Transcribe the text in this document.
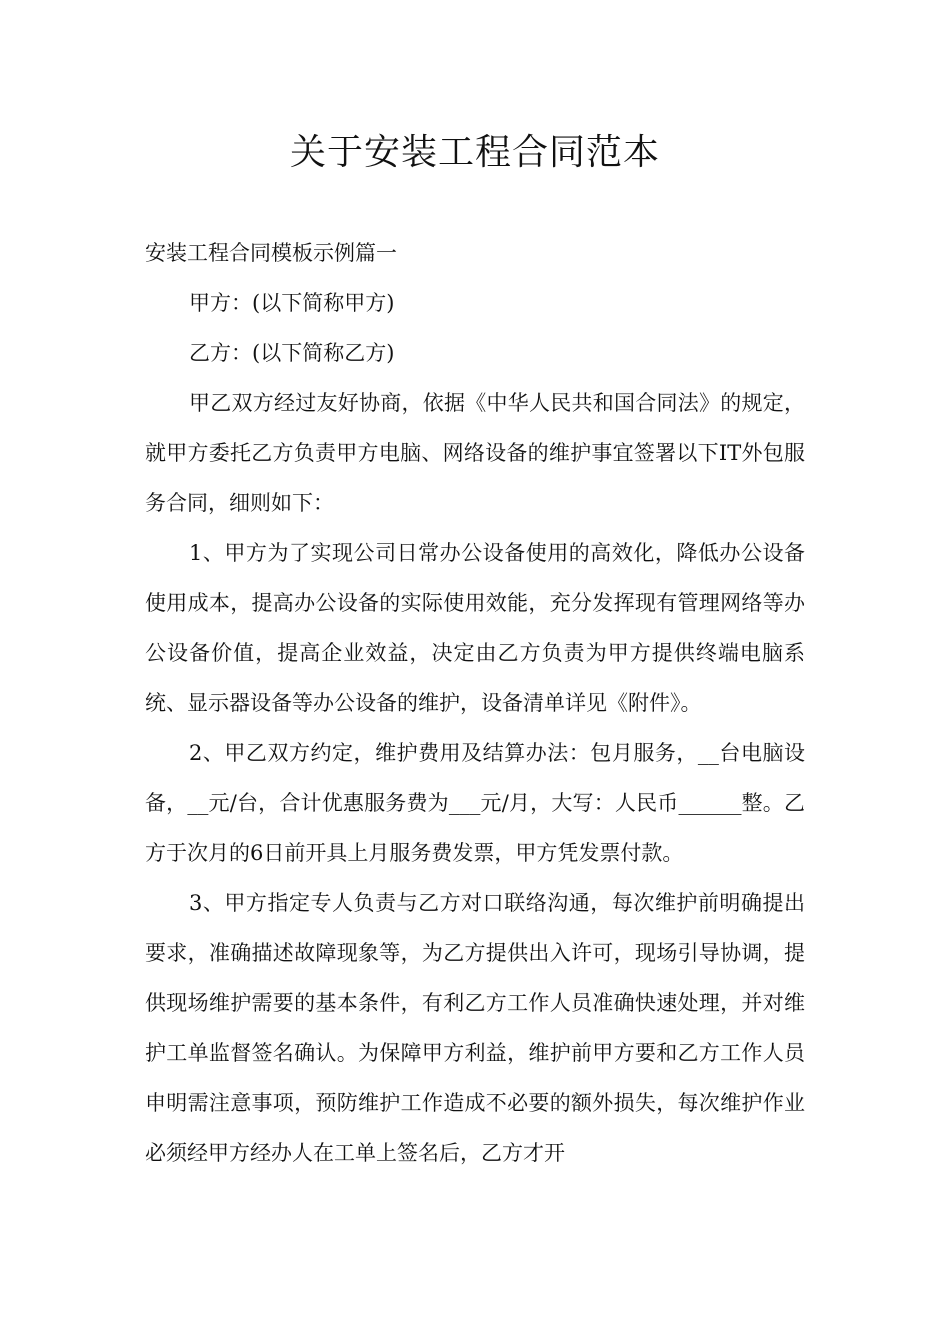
关于安装工程合同范本

安装工程合同模板示例篇一

甲方：(以下简称甲方)

乙方：(以下简称乙方)

甲乙双方经过友好协商，依据《中华人民共和国合同法》的规定，就甲方委托乙方负责甲方电脑、网络设备的维护事宜签署以下IT外包服务合同，细则如下：

1、甲方为了实现公司日常办公设备使用的高效化，降低办公设备使用成本，提高办公设备的实际使用效能，充分发挥现有管理网络等办公设备价值，提高企业效益，决定由乙方负责为甲方提供终端电脑系统、显示器设备等办公设备的维护，设备清单详见《附件》。

2、甲乙双方约定，维护费用及结算办法：包月服务，__台电脑设备，__元/台，合计优惠服务费为___元/月，大写：人民币______整。乙方于次月的6日前开具上月服务费发票，甲方凭发票付款。

3、甲方指定专人负责与乙方对口联络沟通，每次维护前明确提出要求，准确描述故障现象等，为乙方提供出入许可，现场引导协调，提供现场维护需要的基本条件，有利乙方工作人员准确快速处理，并对维护工单监督签名确认。为保障甲方利益，维护前甲方要和乙方工作人员申明需注意事项，预防维护工作造成不必要的额外损失，每次维护作业必须经甲方经办人在工单上签名后，乙方才开
